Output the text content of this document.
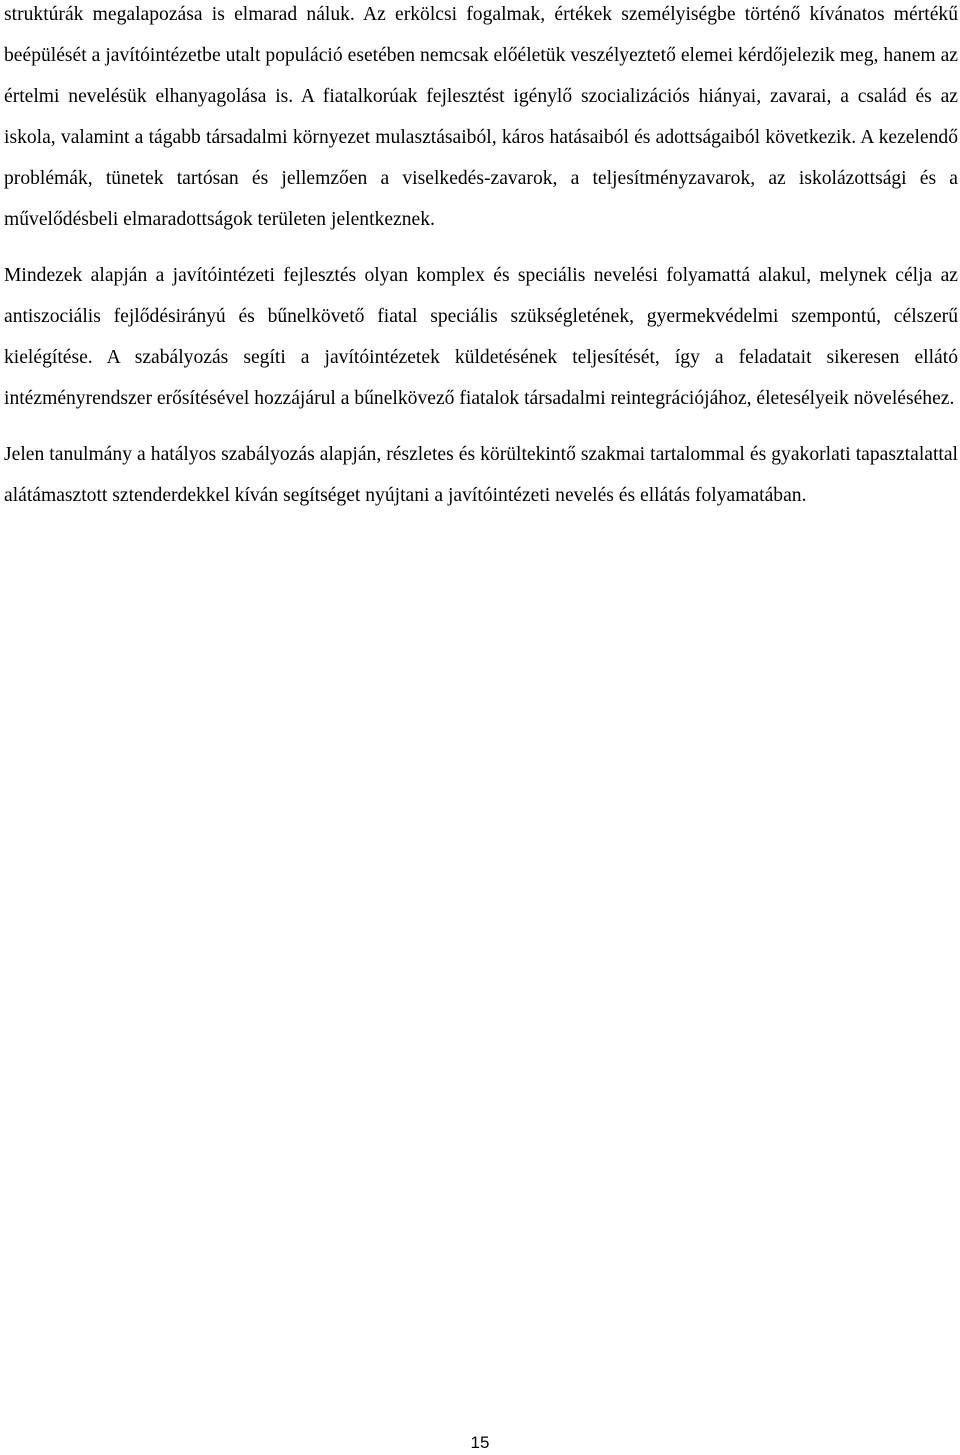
struktúrák megalapozása is elmarad náluk. Az erkölcsi fogalmak, értékek személyiségbe történő kívánatos mértékű beépülését a javítóintézetbe utalt populáció esetében nemcsak előéletük veszélyeztető elemei kérdőjelezik meg, hanem az értelmi nevelésük elhanyagolása is. A fiatalkorúak fejlesztést igénylő szocializációs hiányai, zavarai, a család és az iskola, valamint a tágabb társadalmi környezet mulasztásaiból, káros hatásaiból és adottságaiból következik. A kezelendő problémák, tünetek tartósan és jellemzően a viselkedés-zavarok, a teljesítményzavarok, az iskolázottsági és a művelődésbeli elmaradottságok területen jelentkeznek.

Mindezek alapján a javítóintézeti fejlesztés olyan komplex és speciális nevelési folyamattá alakul, melynek célja az antiszociális fejlődésirányú és bűnelkövető fiatal speciális szükségletének, gyermekvédelmi szempontú, célszerű kielégítése. A szabályozás segíti a javítóintézetek küldetésének teljesítését, így a feladatait sikeresen ellátó intézményrendszer erősítésével hozzájárul a bűnelkövező fiatalok társadalmi reintegrációjához, életesélyeik növeléséhez.

Jelen tanulmány a hatályos szabályozás alapján, részletes és körültekintő szakmai tartalommal és gyakorlati tapasztalattal alátámasztott sztenderdekkel kíván segítséget nyújtani a javítóintézeti nevelés és ellátás folyamatában.

15
